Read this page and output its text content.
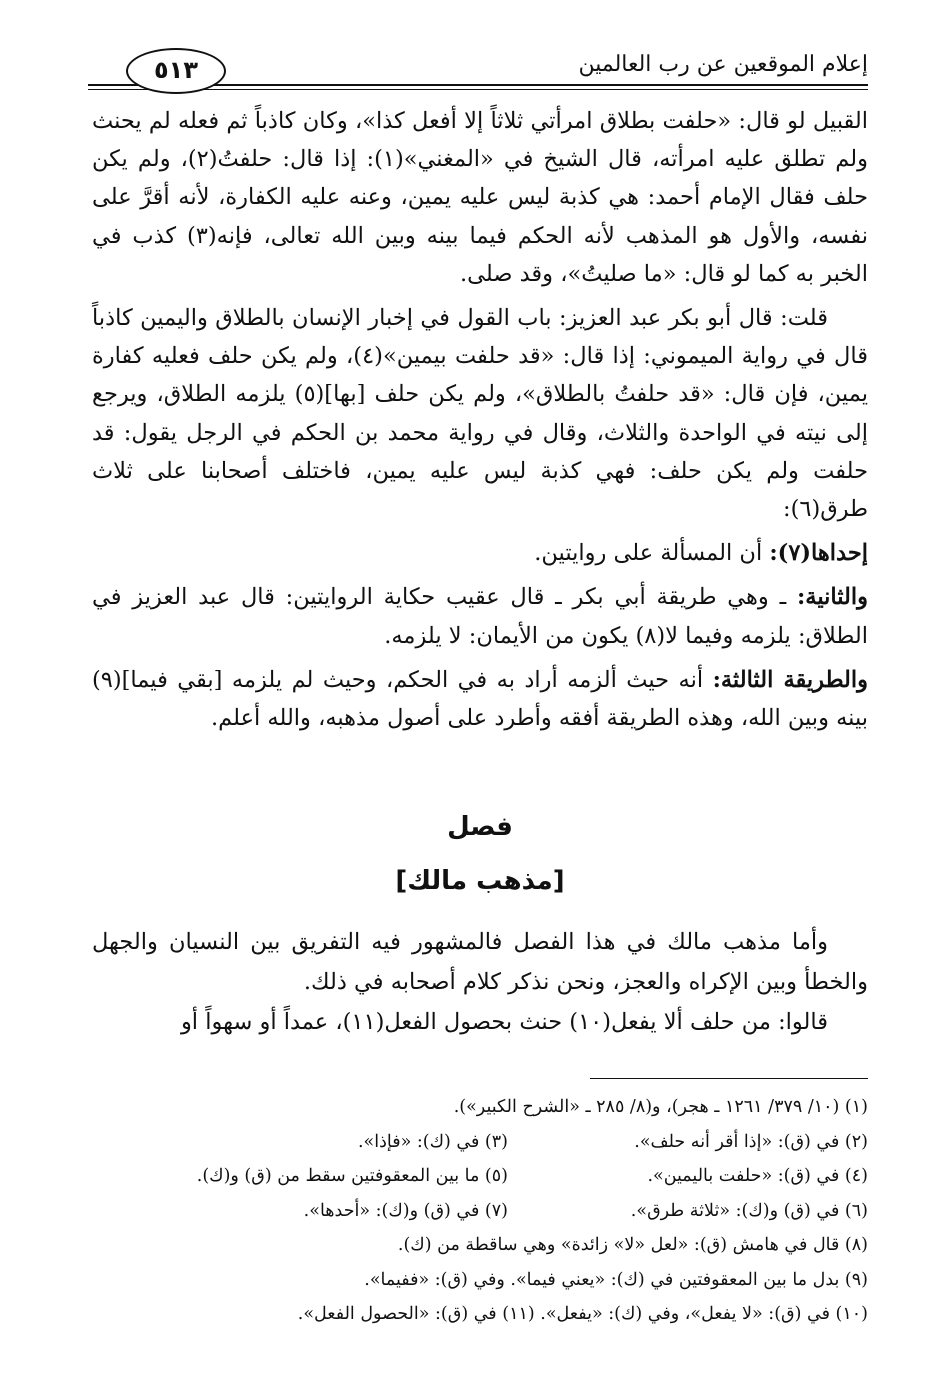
٥١٣	إعلام الموقعين عن رب العالمين

القبيل لو قال: «حلفت بطلاق امرأتي ثلاثاً إلا أفعل كذا»، وكان كاذباً ثم فعله لم يحنث ولم تطلق عليه امرأته، قال الشيخ في «المغني»(١): إذا قال: حلفتُ(٢)، ولم يكن حلف فقال الإمام أحمد: هي كذبة ليس عليه يمين، وعنه عليه الكفارة، لأنه أقرَّ على نفسه، والأول هو المذهب لأنه الحكم فيما بينه وبين الله تعالى، فإنه(٣) كذب في الخبر به كما لو قال: «ما صليتُ»، وقد صلى.

قلت: قال أبو بكر عبد العزيز: باب القول في إخبار الإنسان بالطلاق واليمين كاذباً قال في رواية الميموني: إذا قال: «قد حلفت بيمين»(٤)، ولم يكن حلف فعليه كفارة يمين، فإن قال: «قد حلفتُ بالطلاق»، ولم يكن حلف [بها](٥) يلزمه الطلاق، ويرجع إلى نيته في الواحدة والثلاث، وقال في رواية محمد بن الحكم في الرجل يقول: قد حلفت ولم يكن حلف: فهي كذبة ليس عليه يمين، فاختلف أصحابنا على ثلاث طرق(٦):

إحداها(٧): أن المسألة على روايتين.

والثانية: ـ وهي طريقة أبي بكر ـ قال عقيب حكاية الروايتين: قال عبد العزيز في الطلاق: يلزمه وفيما لا(٨) يكون من الأيمان: لا يلزمه.

والطريقة الثالثة: أنه حيث ألزمه أراد به في الحكم، وحيث لم يلزمه [بقي فيما](٩) بينه وبين الله، وهذه الطريقة أفقه وأطرد على أصول مذهبه، والله أعلم.

فصل
[مذهب مالك]

وأما مذهب مالك في هذا الفصل فالمشهور فيه التفريق بين النسيان والجهل والخطأ وبين الإكراه والعجز، ونحن نذكر كلام أصحابه في ذلك.

قالوا: من حلف ألا يفعل(١٠) حنث بحصول الفعل(١١)، عمداً أو سهواً أو

(١) (١٠/ ٣٧٩/ ١٢٦١ ـ هجر)، و(٨/ ٢٨٥ ـ «الشرح الكبير»).
(٢) في (ق): «إذا أقر أنه حلف».
(٣) في (ك): «فإذا».
(٤) في (ق): «حلفت باليمين».
(٥) ما بين المعقوفتين سقط من (ق) و(ك).
(٦) في (ق) و(ك): «ثلاثة طرق».
(٧) في (ق) و(ك): «أحدها».
(٨) قال في هامش (ق): «لعل «لا» زائدة» وهي ساقطة من (ك).
(٩) بدل ما بين المعقوفتين في (ك): «يعني فيما». وفي (ق): «ففيما».
(١٠) في (ق): «لا يفعل»، وفي (ك): «يفعل». (١١) في (ق): «الحصول الفعل».
